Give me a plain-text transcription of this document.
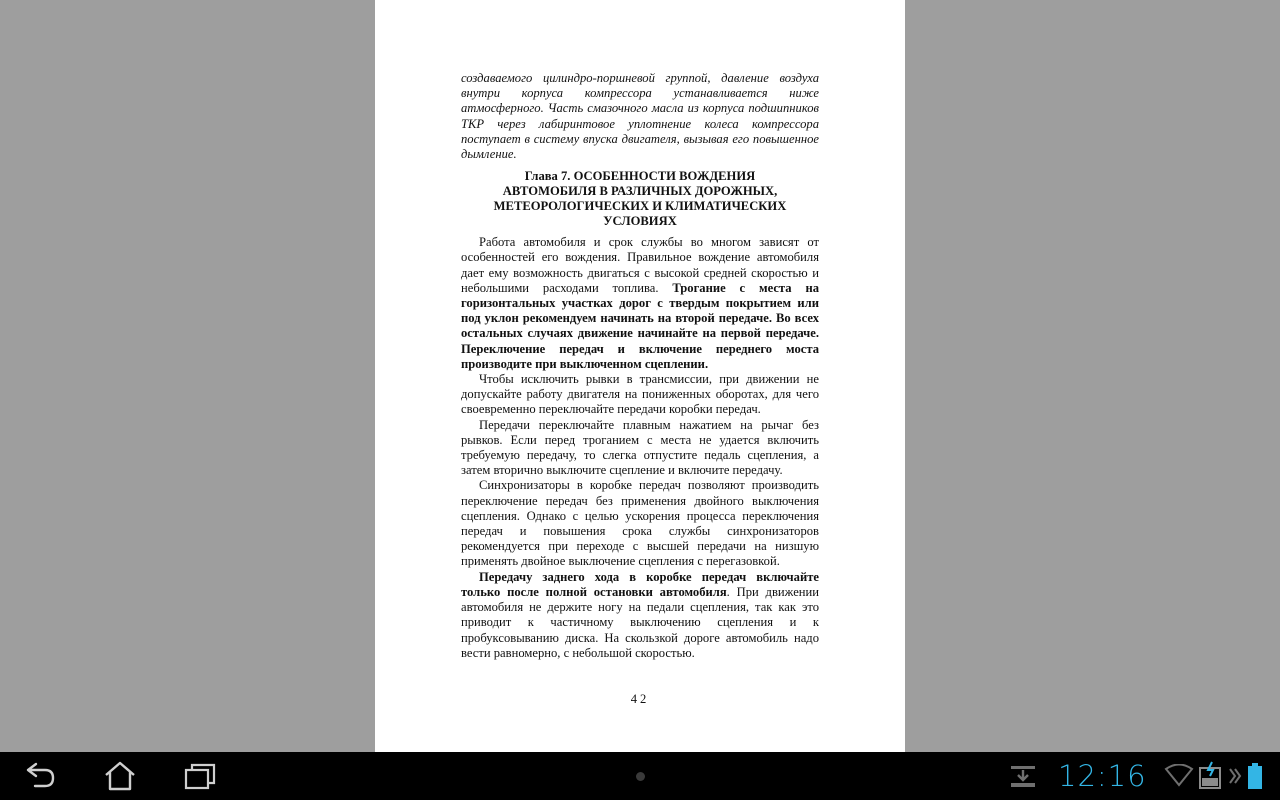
создаваемого цилиндро-поршневой группой, давление воздуха внутри корпуса компрессора устанавливается ниже атмосферного. Часть смазочного масла из корпуса подшипников ТКР через лабиринтовое уплотнение колеса компрессора поступает в систему впуска двигателя, вызывая его повышенное дымление.

Глава 7. ОСОБЕННОСТИ ВОЖДЕНИЯ
АВТОМОБИЛЯ В РАЗЛИЧНЫХ ДОРОЖНЫХ,
МЕТЕОРОЛОГИЧЕСКИХ И КЛИМАТИЧЕСКИХ
УСЛОВИЯХ

Работа автомобиля и срок службы во многом зависят от особенностей его вождения. Правильное вождение автомобиля дает ему возможность двигаться с высокой средней скоростью и небольшими расходами топлива. Трогание с места на горизонтальных участках дорог с твердым покрытием или под уклон рекомендуем начинать на второй передаче. Во всех остальных случаях движение начинайте на первой передаче. Переключение передач и включение переднего моста производите при выключенном сцеплении.

Чтобы исключить рывки в трансмиссии, при движении не допускайте работу двигателя на пониженных оборотах, для чего своевременно переключайте передачи коробки передач.

Передачи переключайте плавным нажатием на рычаг без рывков. Если перед троганием с места не удается включить требуемую передачу, то слегка отпустите педаль сцепления, а затем вторично выключите сцепление и включите передачу.

Синхронизаторы в коробке передач позволяют производить переключение передач без применения двойного выключения сцепления. Однако с целью ускорения процесса переключения передач и повышения срока службы синхронизаторов рекомендуется при переходе с высшей передачи на низшую применять двойное выключение сцепления с перегазовкой.

Передачу заднего хода в коробке передач включайте только после полной остановки автомобиля. При движении автомобиля не держите ногу на педали сцепления, так как это приводит к частичному выключению сцепления и к пробуксовыванию диска. На скользкой дороге автомобиль надо вести равномерно, с небольшой скоростью.

42
12:16
